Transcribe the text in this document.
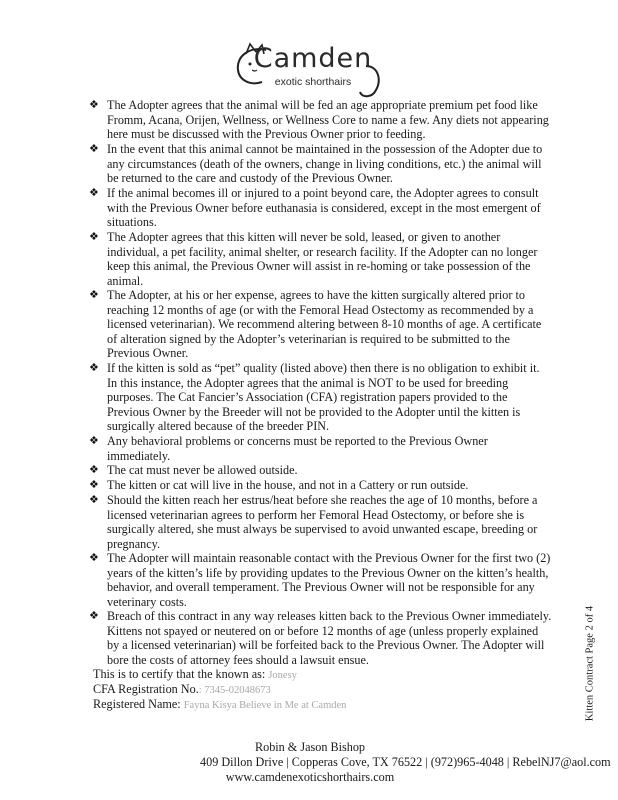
Camden
exotic shorthairs
❖ The Adopter agrees that the animal will be fed an age appropriate premium pet food like Fromm, Acana, Orijen, Wellness, or Wellness Core to name a few. Any diets not appearing here must be discussed with the Previous Owner prior to feeding.
❖ In the event that this animal cannot be maintained in the possession of the Adopter due to any circumstances (death of the owners, change in living conditions, etc.) the animal will be returned to the care and custody of the Previous Owner.
❖ If the animal becomes ill or injured to a point beyond care, the Adopter agrees to consult with the Previous Owner before euthanasia is considered, except in the most emergent of situations.
❖ The Adopter agrees that this kitten will never be sold, leased, or given to another individual, a pet facility, animal shelter, or research facility. If the Adopter can no longer keep this animal, the Previous Owner will assist in re-homing or take possession of the animal.
❖ The Adopter, at his or her expense, agrees to have the kitten surgically altered prior to reaching 12 months of age (or with the Femoral Head Ostectomy as recommended by a licensed veterinarian). We recommend altering between 8-10 months of age. A certificate of alteration signed by the Adopter’s veterinarian is required to be submitted to the Previous Owner.
❖ If the kitten is sold as “pet” quality (listed above) then there is no obligation to exhibit it. In this instance, the Adopter agrees that the animal is NOT to be used for breeding purposes. The Cat Fancier’s Association (CFA) registration papers provided to the Previous Owner by the Breeder will not be provided to the Adopter until the kitten is surgically altered because of the breeder PIN.
❖ Any behavioral problems or concerns must be reported to the Previous Owner immediately.
❖ The cat must never be allowed outside.
❖ The kitten or cat will live in the house, and not in a Cattery or run outside.
❖ Should the kitten reach her estrus/heat before she reaches the age of 10 months, before a licensed veterinarian agrees to perform her Femoral Head Ostectomy, or before she is surgically altered, she must always be supervised to avoid unwanted escape, breeding or pregnancy.
❖ The Adopter will maintain reasonable contact with the Previous Owner for the first two (2) years of the kitten’s life by providing updates to the Previous Owner on the kitten’s health, behavior, and overall temperament. The Previous Owner will not be responsible for any veterinary costs.
❖ Breach of this contract in any way releases kitten back to the Previous Owner immediately. Kittens not spayed or neutered on or before 12 months of age (unless properly explained by a licensed veterinarian) will be forfeited back to the Previous Owner. The Adopter will bore the costs of attorney fees should a lawsuit ensue.
This is to certify that the known as: Jonesy
CFA Registration No.: 7345-02048673
Registered Name: Fayna Kisya Believe in Me at Camden
Robin & Jason Bishop
409 Dillon Drive | Copperas Cove, TX 76522 | (972)965-4048 | RebelNJ7@aol.com
www.camdenexoticshorthairs.com
Kitten Contract Page 2 of 4
